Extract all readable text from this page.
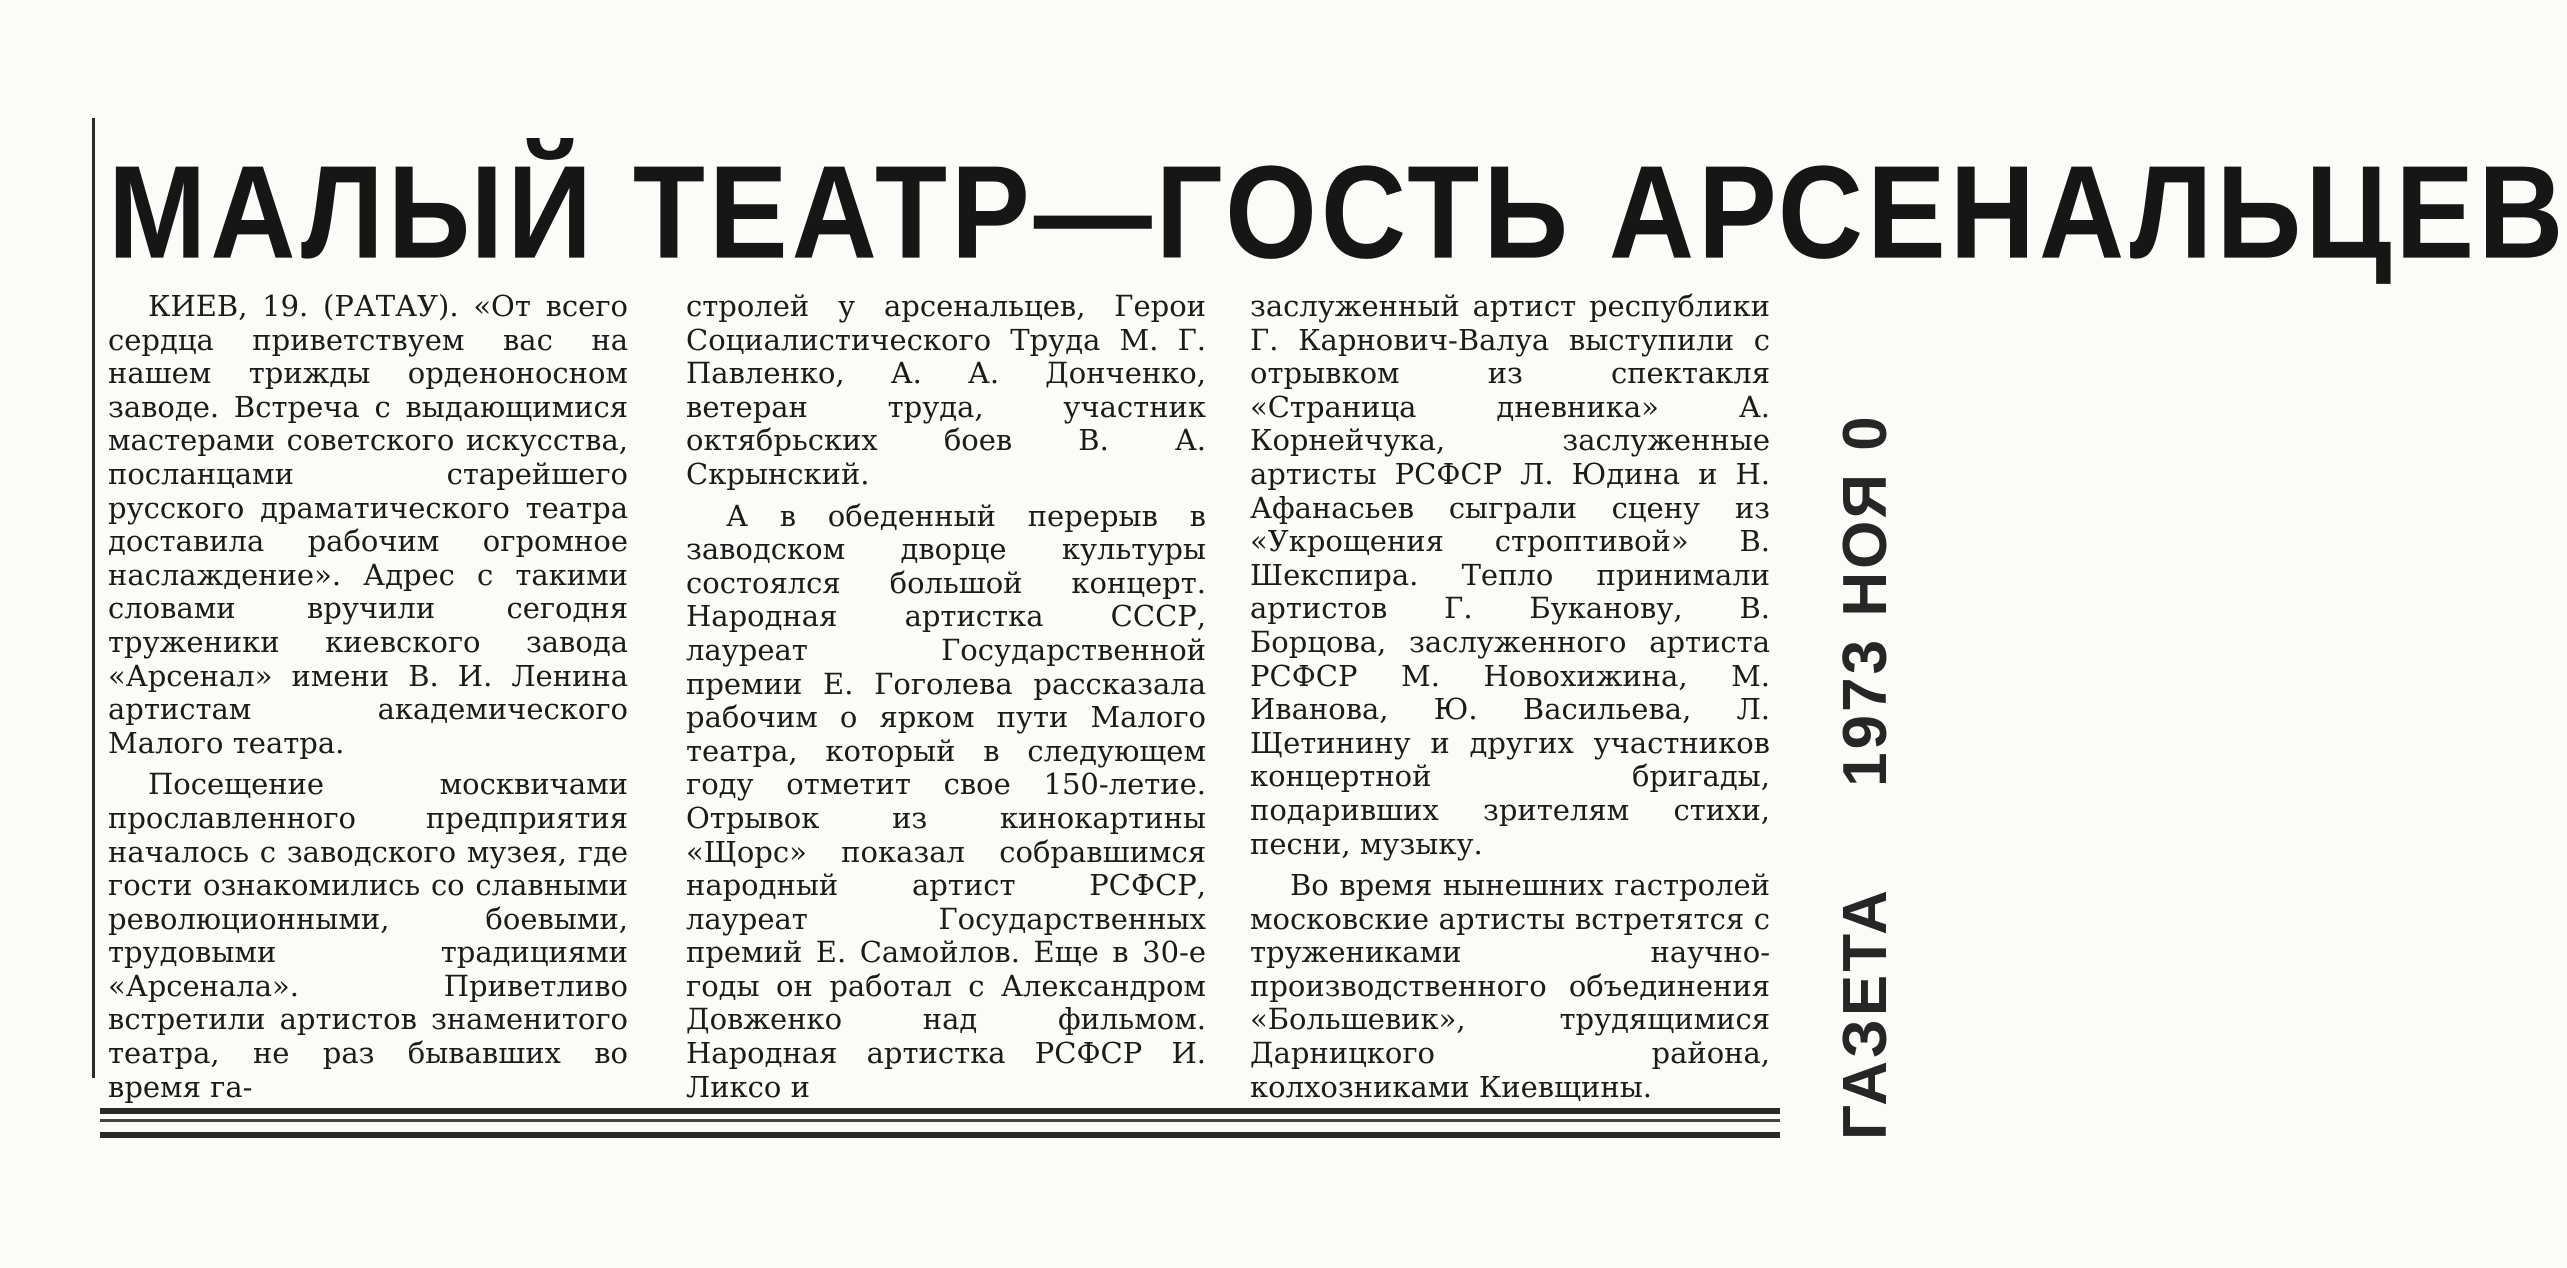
МАЛЫЙ ТЕАТР—ГОСТЬ АРСЕНАЛЬЦЕВ

КИЕВ, 19. (РАТАУ). «От всего сердца приветствуем вас на нашем трижды орденоносном заводе. Встреча с выдающимися мастерами советского искусства, посланцами старейшего русского драматического театра доставила рабочим огромное наслаждение». Адрес с такими словами вручили сегодня труженики киевского завода «Арсенал» имени В. И. Ленина артистам академического Малого театра.

Посещение москвичами прославленного предприятия началось с заводского музея, где гости ознакомились со славными революционными, боевыми, трудовыми традициями «Арсенала». Приветливо встретили артистов знаменитого театра, не раз бывавших во время га-

стролей у арсенальцев, Герои Социалистического Труда М. Г. Павленко, А. А. Донченко, ветеран труда, участник октябрьских боев В. А. Скрынский.

А в обеденный перерыв в заводском дворце культуры состоялся большой концерт. Народная артистка СССР, лауреат Государственной премии Е. Гоголева рассказала рабочим о ярком пути Малого театра, который в следующем году отметит свое 150-летие. Отрывок из кинокартины «Щорс» показал собравшимся народный артист РСФСР, лауреат Государственных премий Е. Самойлов. Еще в 30-е годы он работал с Александром Довженко над фильмом. Народная артистка РСФСР И. Ликсо и

заслуженный артист республики Г. Карнович-Валуа выступили с отрывком из спектакля «Страница дневника» А. Корнейчука, заслуженные артисты РСФСР Л. Юдина и Н. Афанасьев сыграли сцену из «Укрощения строптивой» В. Шекспира. Тепло принимали артистов Г. Буканову, В. Борцова, заслуженного артиста РСФСР М. Новохижина, М. Иванова, Ю. Васильева, Л. Щетинину и других участников концертной бригады, подаривших зрителям стихи, песни, музыку.

Во время нынешних гастролей московские артисты встретятся с тружениками научно-производственного объединения «Большевик», трудящимися Дарницкого района, колхозниками Киевщины.	ГАЗЕТА 1973 НОЯ 0
